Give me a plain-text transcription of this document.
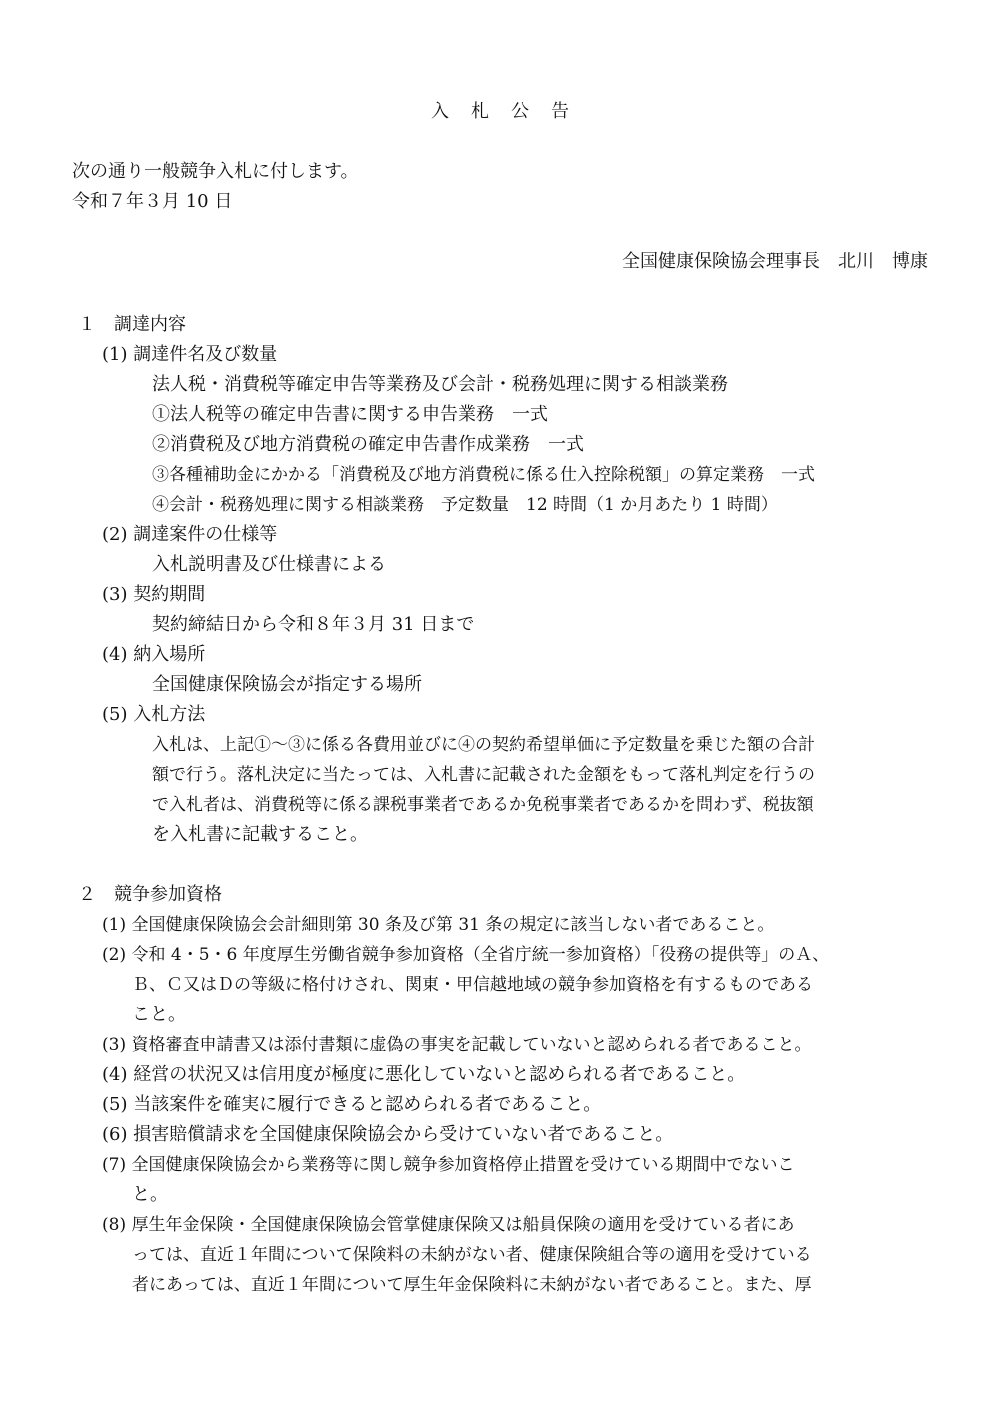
入札公告
次の通り一般競争入札に付します。
令和７年３月 10 日
全国健康保険協会理事長　北川　博康
１　調達内容
(1) 調達件名及び数量
法人税・消費税等確定申告等業務及び会計・税務処理に関する相談業務
①法人税等の確定申告書に関する申告業務　一式
②消費税及び地方消費税の確定申告書作成業務　一式
③各種補助金にかかる「消費税及び地方消費税に係る仕入控除税額」の算定業務　一式
④会計・税務処理に関する相談業務　予定数量　12 時間（1 か月あたり 1 時間）
(2) 調達案件の仕様等
入札説明書及び仕様書による
(3) 契約期間
契約締結日から令和８年３月 31 日まで
(4) 納入場所
全国健康保険協会が指定する場所
(5) 入札方法
入札は、上記①～③に係る各費用並びに④の契約希望単価に予定数量を乗じた額の合計
額で行う。落札決定に当たっては、入札書に記載された金額をもって落札判定を行うの
で入札者は、消費税等に係る課税事業者であるか免税事業者であるかを問わず、税抜額
を入札書に記載すること。
２　競争参加資格
(1) 全国健康保険協会会計細則第 30 条及び第 31 条の規定に該当しない者であること。
(2) 令和 4・5・6 年度厚生労働省競争参加資格（全省庁統一参加資格）「役務の提供等」のＡ、
Ｂ、Ｃ又はＤの等級に格付けされ、関東・甲信越地域の競争参加資格を有するものである
こと。
(3) 資格審査申請書又は添付書類に虚偽の事実を記載していないと認められる者であること。
(4) 経営の状況又は信用度が極度に悪化していないと認められる者であること。
(5) 当該案件を確実に履行できると認められる者であること。
(6) 損害賠償請求を全国健康保険協会から受けていない者であること。
(7) 全国健康保険協会から業務等に関し競争参加資格停止措置を受けている期間中でないこ
と。
(8) 厚生年金保険・全国健康保険協会管掌健康保険又は船員保険の適用を受けている者にあ
っては、直近１年間について保険料の未納がない者、健康保険組合等の適用を受けている
者にあっては、直近１年間について厚生年金保険料に未納がない者であること。また、厚
